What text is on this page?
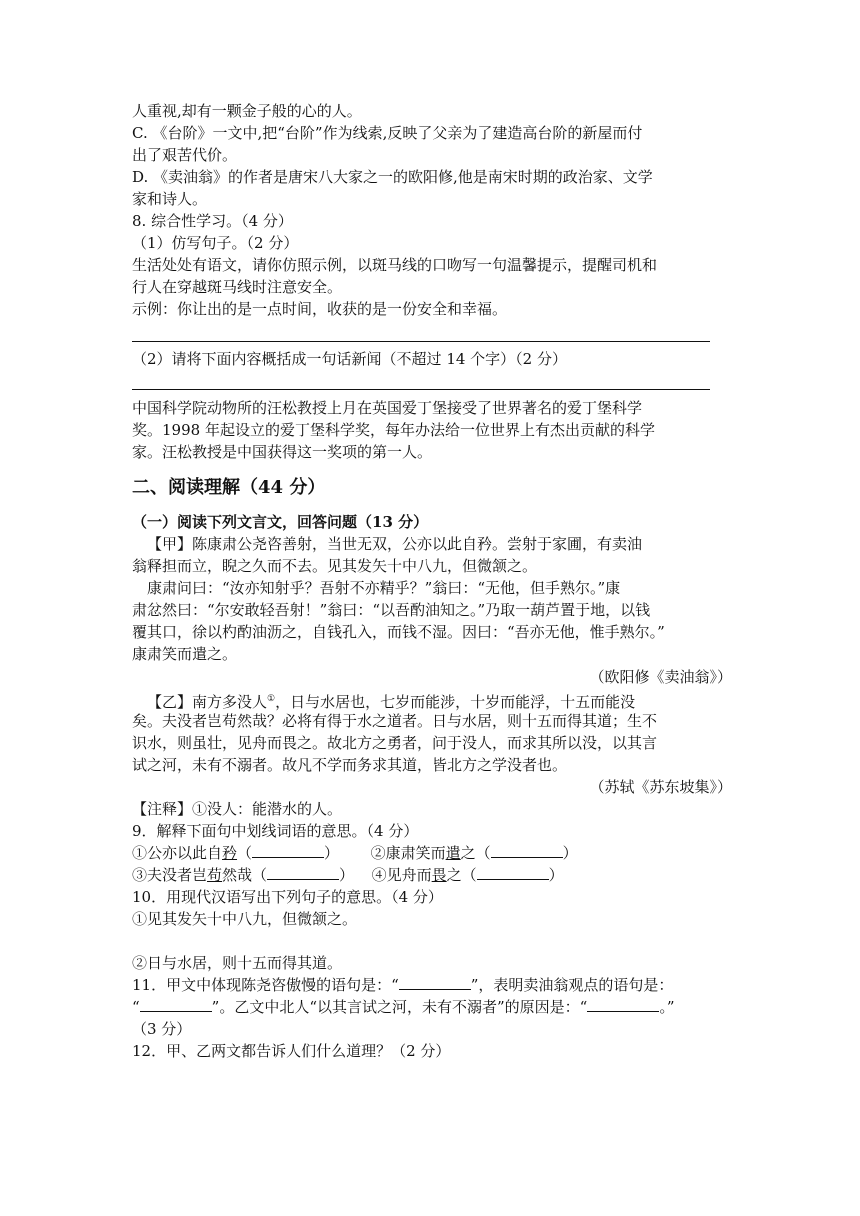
人重视,却有一颗金子般的心的人。
C. 《台阶》一文中,把“台阶”作为线索,反映了父亲为了建造高台阶的新屋而付
出了艰苦代价。
D. 《卖油翁》的作者是唐宋八大家之一的欧阳修,他是南宋时期的政治家、文学
家和诗人。
8. 综合性学习。（4 分）
（1）仿写句子。（2 分）
生活处处有语文，请你仿照示例，以斑马线的口吻写一句温馨提示，提醒司机和
行人在穿越斑马线时注意安全。
示例：你让出的是一点时间，收获的是一份安全和幸福。
（2）请将下面内容概括成一句话新闻（不超过 14 个字）（2 分）
中国科学院动物所的汪松教授上月在英国爱丁堡接受了世界著名的爱丁堡科学
奖。1998 年起设立的爱丁堡科学奖，每年办法给一位世界上有杰出贡献的科学
家。汪松教授是中国获得这一奖项的第一人。
二、阅读理解（44 分）
（一）阅读下列文言文，回答问题（13 分）
【甲】陈康肃公尧咨善射，当世无双，公亦以此自矜。尝射于家圃，有卖油
翁释担而立，睨之久而不去。见其发矢十中八九，但微颔之。
康肃问曰：“汝亦知射乎？吾射不亦精乎？”翁曰：“无他，但手熟尔。”康
肃忿然曰：“尔安敢轻吾射！”翁曰：“以吾酌油知之。”乃取一葫芦置于地，以钱
覆其口，徐以杓酌油沥之，自钱孔入，而钱不湿。因曰：“吾亦无他，惟手熟尔。”
康肃笑而遣之。
（欧阳修《卖油翁》）
【乙】南方多没人①，日与水居也，七岁而能涉，十岁而能浮，十五而能没
矣。夫没者岂苟然哉？必将有得于水之道者。日与水居，则十五而得其道；生不
识水，则虽壮，见舟而畏之。故北方之勇者，问于没人，而求其所以没，以其言
试之河，未有不溺者。故凡不学而务求其道，皆北方之学没者也。
（苏轼《苏东坡集》）
【注释】①没人：能潜水的人。
9．解释下面句中划线词语的意思。（4 分）
①公亦以此自矜（	） ②康肃笑而遣之（	）
③夫没者岂苟然哉（	） ④见舟而畏之（	）
10．用现代汉语写出下列句子的意思。（4 分）
①见其发矢十中八九，但微颔之。
②日与水居，则十五而得其道。
11．甲文中体现陈尧咨傲慢的语句是：“	”，表明卖油翁观点的语句是：
“	”。乙文中北人“以其言试之河，未有不溺者”的原因是：“	。”
（3 分）
12．甲、乙两文都告诉人们什么道理？（2 分）
